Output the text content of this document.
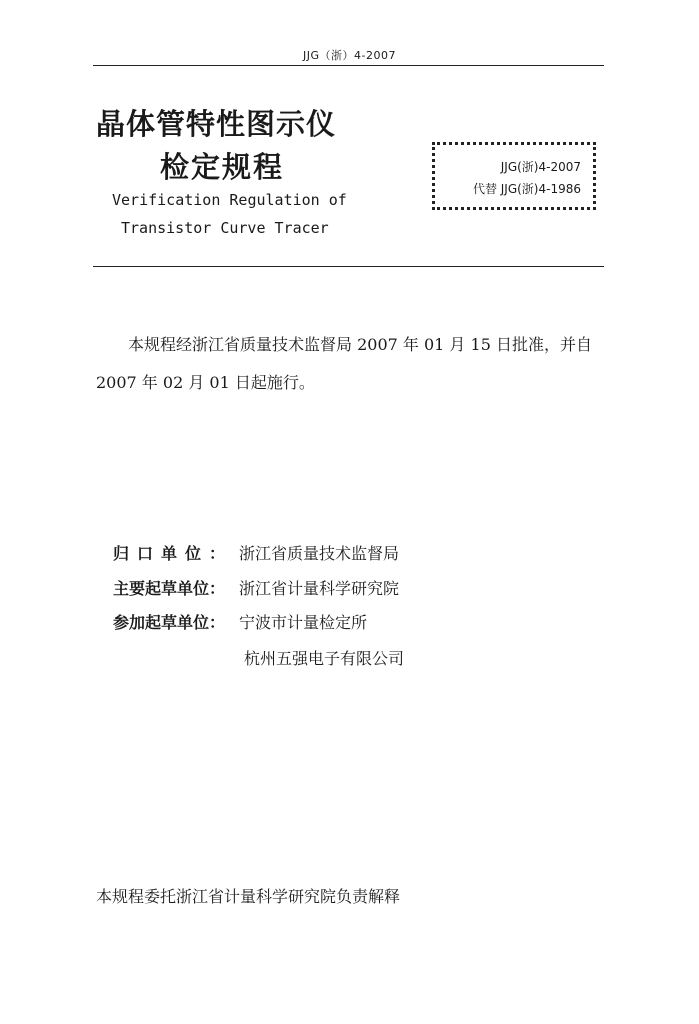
JJG（浙）4-2007
晶体管特性图示仪
检定规程
Verification Regulation of
Transistor Curve Tracer
JJG(浙)4-2007
代替 JJG(浙)4-1986
本规程经浙江省质量技术监督局 2007 年 01 月 15 日批准，并自
2007 年 02 月 01 日起施行。
归口单位： 浙江省质量技术监督局
主要起草单位： 浙江省计量科学研究院
参加起草单位： 宁波市计量检定所
杭州五强电子有限公司
本规程委托浙江省计量科学研究院负责解释
